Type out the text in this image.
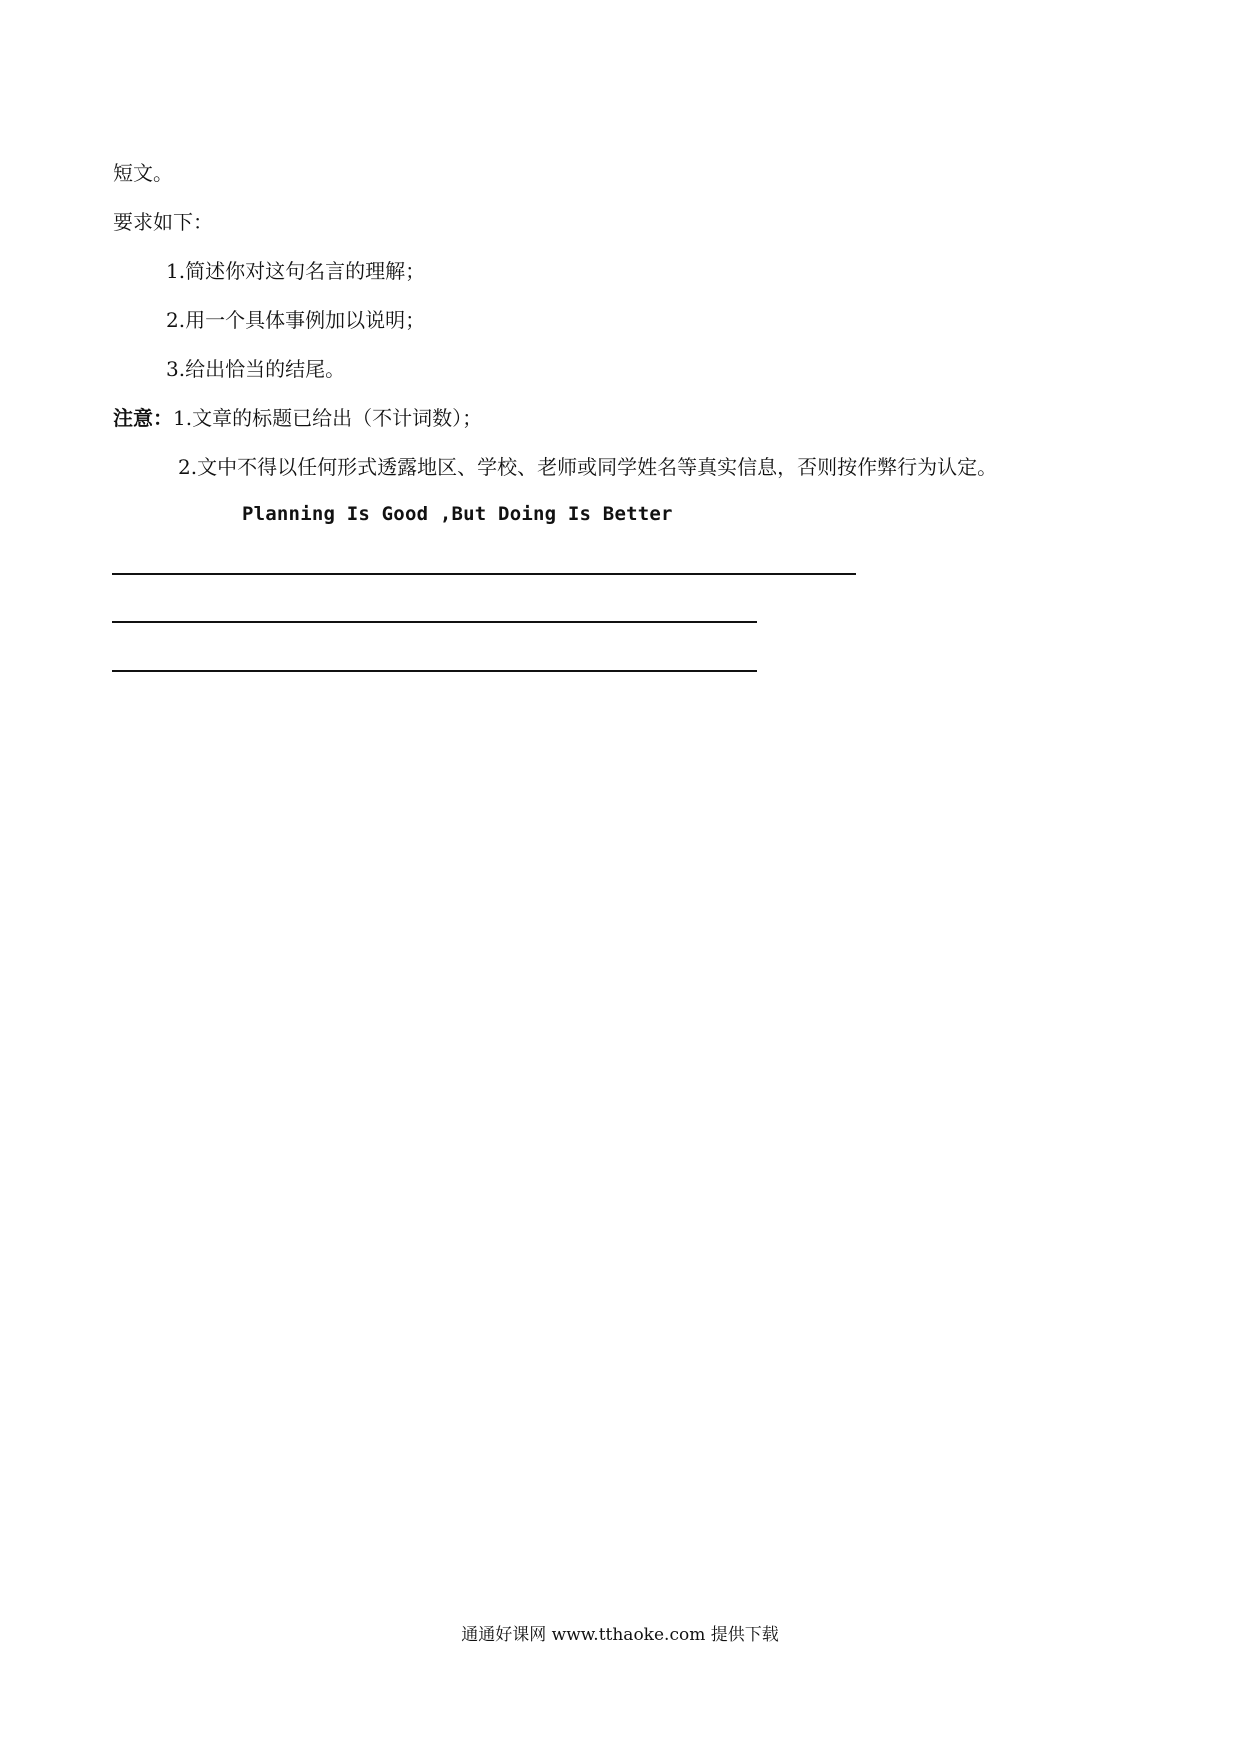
短文。
要求如下：
1.简述你对这句名言的理解；
2.用一个具体事例加以说明；
3.给出恰当的结尾。
注意：1.文章的标题已给出（不计词数）；
2.文中不得以任何形式透露地区、学校、老师或同学姓名等真实信息，否则按作弊行为认定。
Planning Is Good ,But Doing Is Better
通通好课网 www.tthaoke.com 提供下载
